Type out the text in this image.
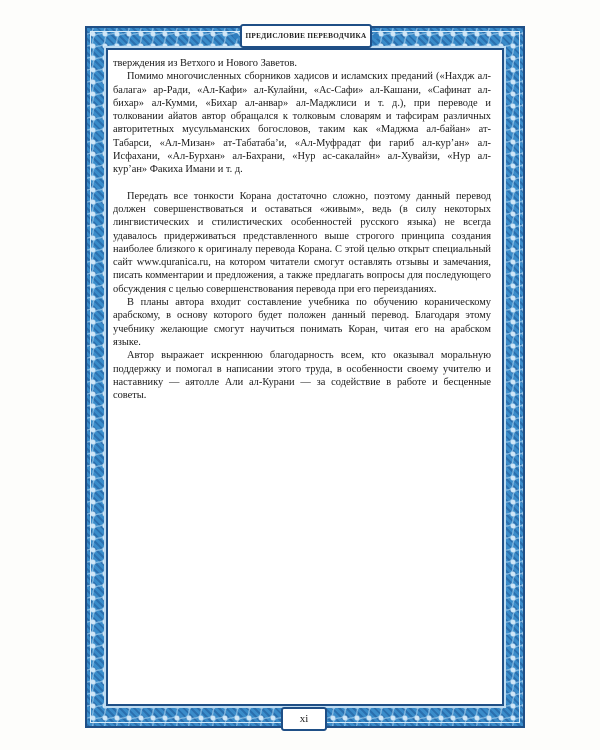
ПРЕДИСЛОВИЕ ПЕРЕВОДЧИКА

тверждения из Ветхого и Нового Заветов.

Помимо многочисленных сборников хадисов и исламских преданий («Нахдж ал-балага» ар-Ради, «Ал-Кафи» ал-Кулайни, «Ас-Сафи» ал-Кашани, «Сафинат ал-бихар» ал-Кумми, «Бихар ал-анвар» ал-Маджлиси и т. д.), при переводе и толковании айатов автор обращался к толковым словарям и тафсирам различных авторитетных мусульманских богословов, таким как «Маджма ал-байан» ат-Табарси, «Ал-Мизан» ат-Табатаба’и, «Ал-Муфрадат фи гариб ал-кур’ан» ал-Исфахани, «Ал-Бурхан» ал-Бахрани, «Нур ас-сакалайн» ал-Хувайзи, «Нур ал-кур’ан» Факиха Имани и т. д.

Передать все тонкости Корана достаточно сложно, поэтому данный перевод должен совершенствоваться и оставаться «живым», ведь (в силу некоторых лингвистических и стилистических особенностей русского языка) не всегда удавалось придерживаться представленного выше строгого принципа создания наиболее близкого к оригиналу перевода Корана. С этой целью открыт специальный сайт www.quranica.ru, на котором читатели смогут оставлять отзывы и замечания, писать комментарии и предложения, а также предлагать вопросы для последующего обсуждения с целью совершенствования перевода при его переизданиях.

В планы автора входит составление учебника по обучению кораническому арабскому, в основу которого будет положен данный перевод. Благодаря этому учебнику желающие смогут научиться понимать Коран, читая его на арабском языке.

Автор выражает искреннюю благодарность всем, кто оказывал моральную поддержку и помогал в написании этого труда, в особенности своему учителю и наставнику — аятолле Али ал-Курани — за содействие в работе и бесценные советы.

xi
